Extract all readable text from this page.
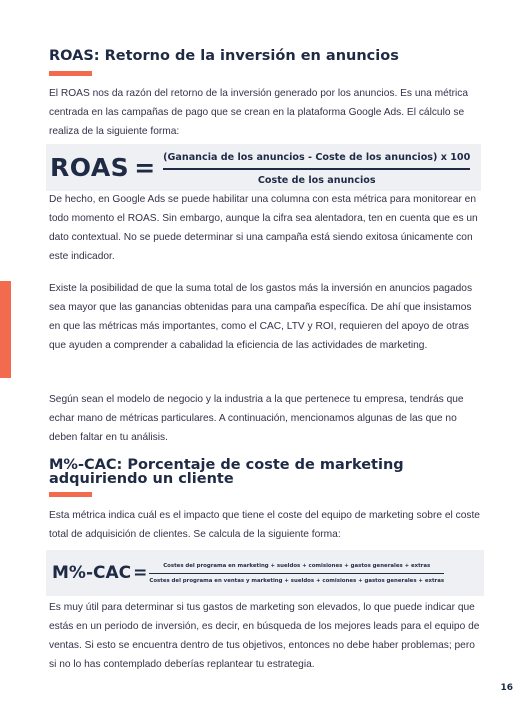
ROAS: Retorno de la inversión en anuncios

El ROAS nos da razón del retorno de la inversión generado por los anuncios. Es una métrica centrada en las campañas de pago que se crean en la plataforma Google Ads. El cálculo se realiza de la siguiente forma:

ROAS = $\frac{\text{(Ganancia de los anuncios - Coste de los anuncios) x 100}}{\text{Coste de los anuncios}}$

De hecho, en Google Ads se puede habilitar una columna con esta métrica para monitorear en todo momento el ROAS. Sin embargo, aunque la cifra sea alentadora, ten en cuenta que es un dato contextual. No se puede determinar si una campaña está siendo exitosa únicamente con este indicador.

Existe la posibilidad de que la suma total de los gastos más la inversión en anuncios pagados sea mayor que las ganancias obtenidas para una campaña específica. De ahí que insistamos en que las métricas más importantes, como el CAC, LTV y ROI, requieren del apoyo de otras que ayuden a comprender a cabalidad la eficiencia de las actividades de marketing.

Según sean el modelo de negocio y la industria a la que pertenece tu empresa, tendrás que echar mano de métricas particulares. A continuación, mencionamos algunas de las que no deben faltar en tu análisis.

M%-CAC: Porcentaje de coste de marketing adquiriendo un cliente

Esta métrica indica cuál es el impacto que tiene el coste del equipo de marketing sobre el coste total de adquisición de clientes. Se calcula de la siguiente forma:

M%-CAC =	Costes del programa en marketing + sueldos + comisiones + gastos generales + extras
Costes del programa en ventas y marketing + sueldos + comisiones + gastos generales + extras

Es muy útil para determinar si tus gastos de marketing son elevados, lo que puede indicar que estás en un periodo de inversión, es decir, en búsqueda de los mejores leads para el equipo de ventas. Si esto se encuentra dentro de tus objetivos, entonces no debe haber problemas; pero si no lo has contemplado deberías replantear tu estrategia.

16
